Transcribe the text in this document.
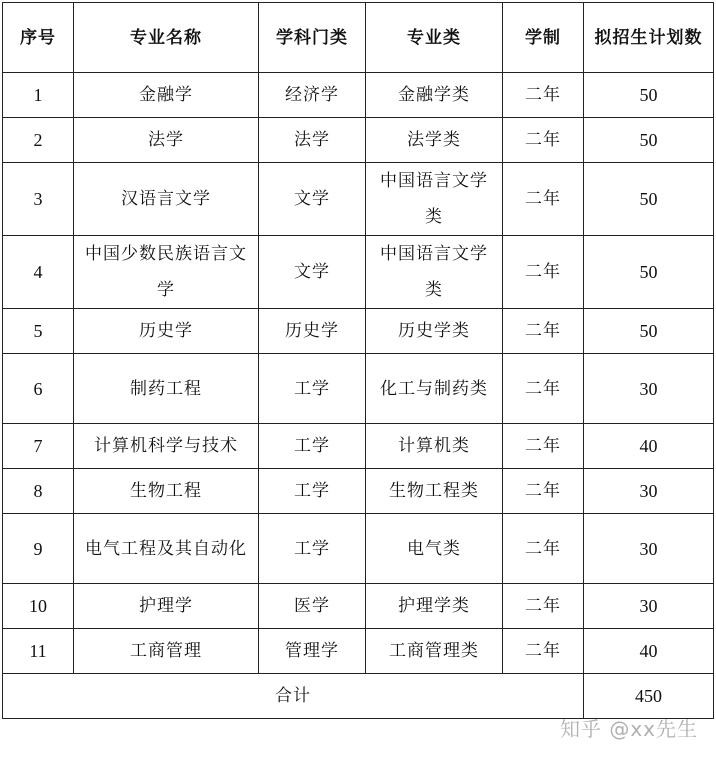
序号	专业名称	学科门类	专业类	学制	拟招生计划数
1	金融学	经济学	金融学类	二年	50
2	法学	法学	法学类	二年	50
3	汉语言文学	文学	中国语言文学类	二年	50
4	中国少数民族语言文学	文学	中国语言文学类	二年	50
5	历史学	历史学	历史学类	二年	50
6	制药工程	工学	化工与制药类	二年	30
7	计算机科学与技术	工学	计算机类	二年	40
8	生物工程	工学	生物工程类	二年	30
9	电气工程及其自动化	工学	电气类	二年	30
10	护理学	医学	护理学类	二年	30
11	工商管理	管理学	工商管理类	二年	40
合计					450
知乎 @xx先生
